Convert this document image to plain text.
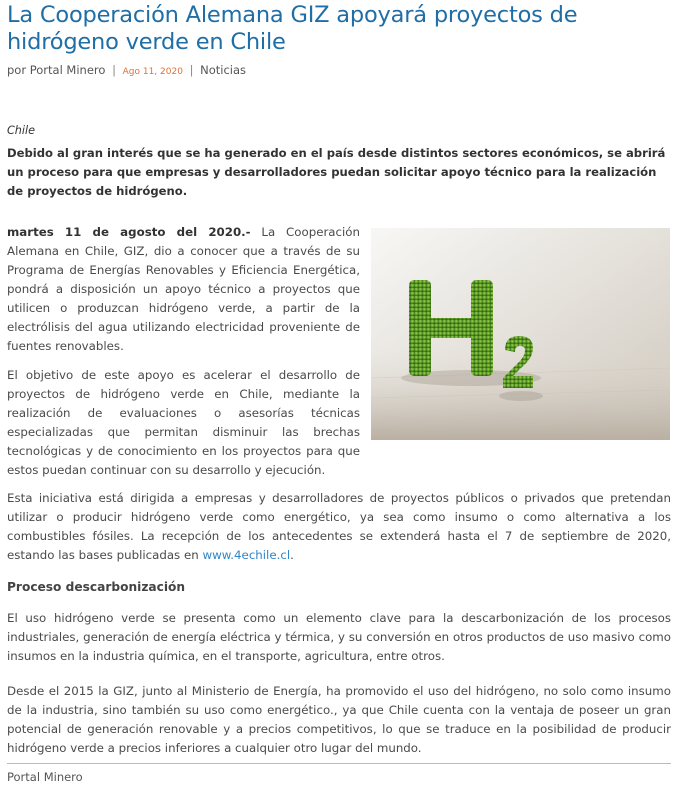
La Cooperación Alemana GIZ apoyará proyectos de hidrógeno verde en Chile
por Portal Minero | Ago 11, 2020 | Noticias

Chile

Debido al gran interés que se ha generado en el país desde distintos sectores económicos, se abrirá un proceso para que empresas y desarrolladores puedan solicitar apoyo técnico para la realización de proyectos de hidrógeno.

martes 11 de agosto del 2020.- La Cooperación Alemana en Chile, GIZ, dio a conocer que a través de su Programa de Energías Renovables y Eficiencia Energética, pondrá a disposición un apoyo técnico a proyectos que utilicen o produzcan hidrógeno verde, a partir de la electrólisis del agua utilizando electricidad proveniente de fuentes renovables.

El objetivo de este apoyo es acelerar el desarrollo de proyectos de hidrógeno verde en Chile, mediante la realización de evaluaciones o asesorías técnicas especializadas que permitan disminuir las brechas tecnológicas y de conocimiento en los proyectos para que estos puedan continuar con su desarrollo y ejecución.

Esta iniciativa está dirigida a empresas y desarrolladores de proyectos públicos o privados que pretendan utilizar o producir hidrógeno verde como energético, ya sea como insumo o como alternativa a los combustibles fósiles. La recepción de los antecedentes se extenderá hasta el 7 de septiembre de 2020, estando las bases publicadas en www.4echile.cl.

Proceso descarbonización

El uso hidrógeno verde se presenta como un elemento clave para la descarbonización de los procesos industriales, generación de energía eléctrica y térmica, y su conversión en otros productos de uso masivo como insumos en la industria química, en el transporte, agricultura, entre otros.

Desde el 2015 la GIZ, junto al Ministerio de Energía, ha promovido el uso del hidrógeno, no solo como insumo de la industria, sino también su uso como energético., ya que Chile cuenta con la ventaja de poseer un gran potencial de generación renovable y a precios competitivos, lo que se traduce en la posibilidad de producir hidrógeno verde a precios inferiores a cualquier otro lugar del mundo.

Portal Minero
